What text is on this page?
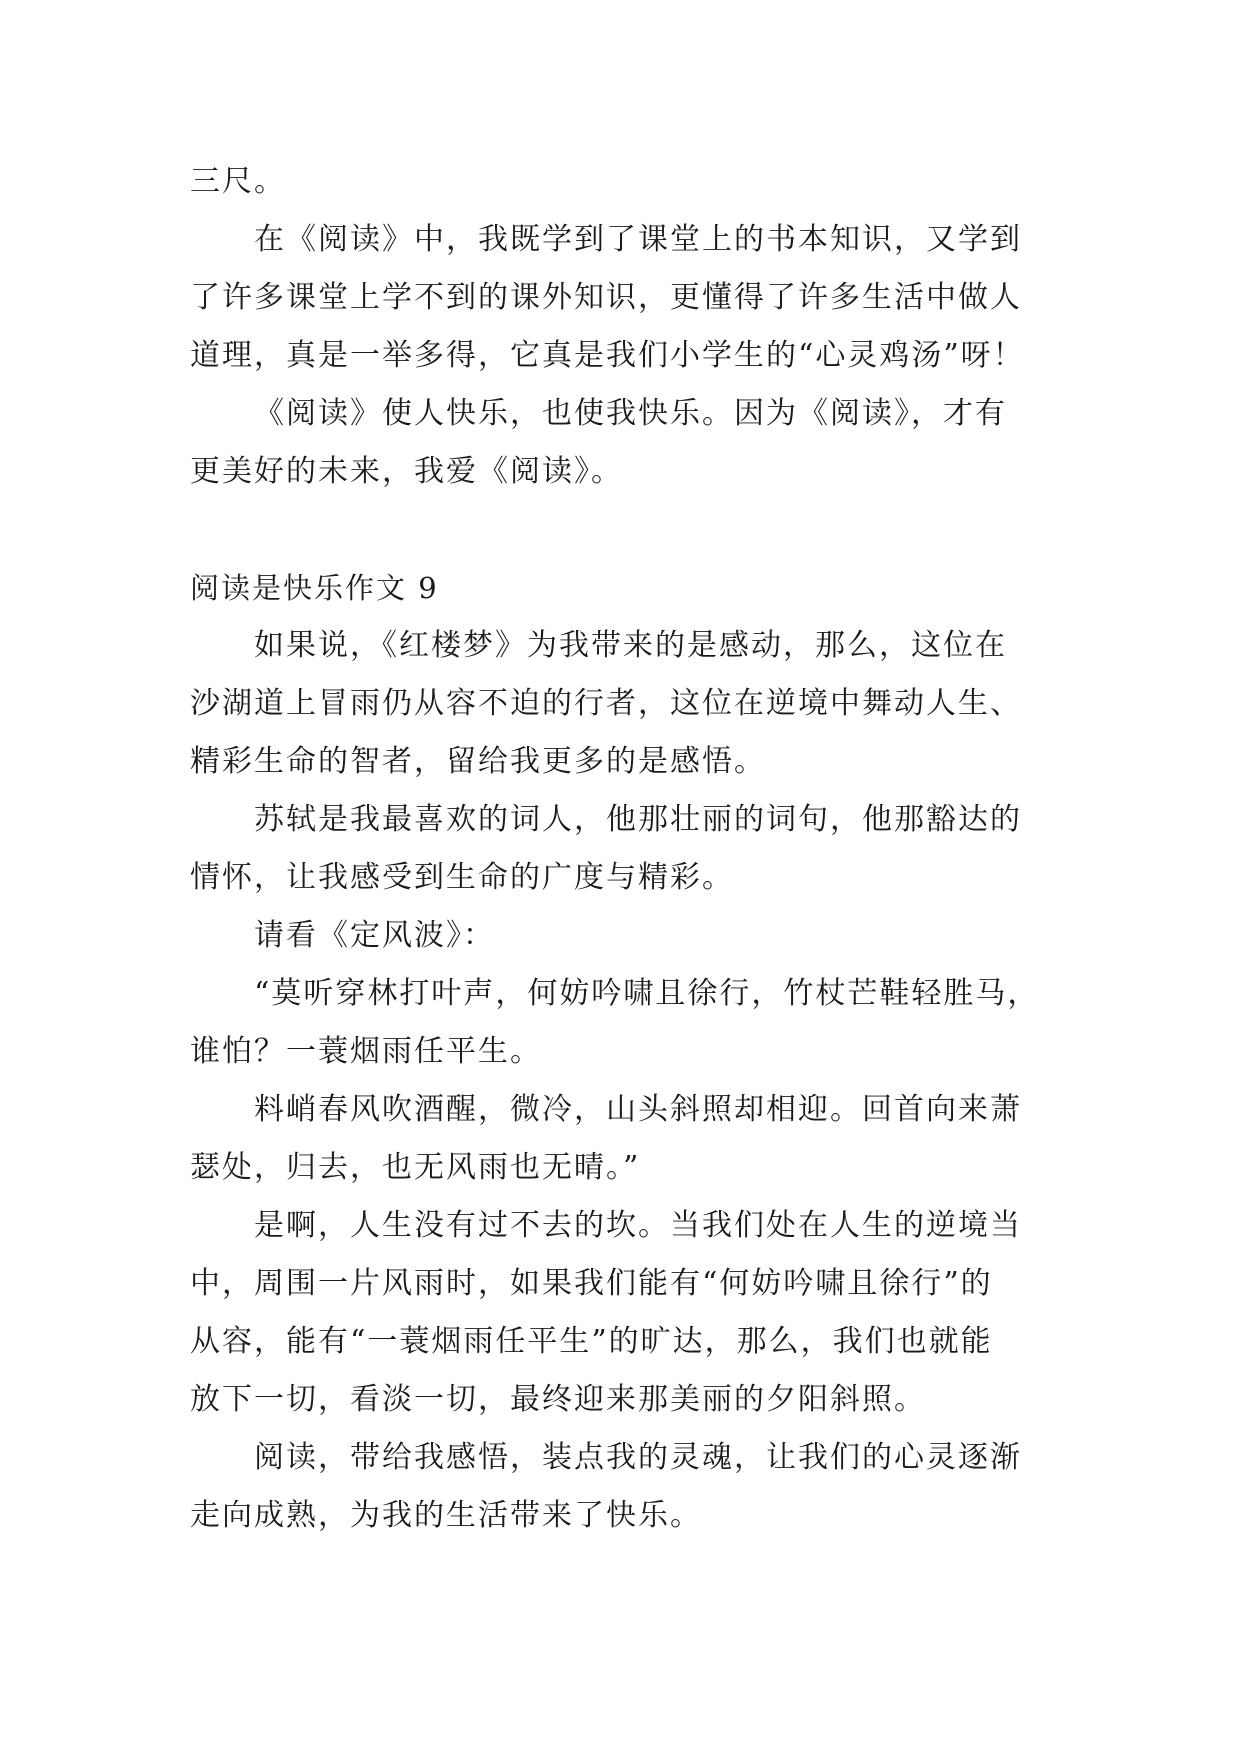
三尺。
在《阅读》中，我既学到了课堂上的书本知识，又学到
了许多课堂上学不到的课外知识，更懂得了许多生活中做人
道理，真是一举多得，它真是我们小学生的“心灵鸡汤”呀！
《阅读》使人快乐，也使我快乐。因为《阅读》，才有
更美好的未来，我爱《阅读》。
阅读是快乐作文 9
如果说，《红楼梦》为我带来的是感动，那么，这位在
沙湖道上冒雨仍从容不迫的行者，这位在逆境中舞动人生、
精彩生命的智者，留给我更多的是感悟。
苏轼是我最喜欢的词人，他那壮丽的词句，他那豁达的
情怀，让我感受到生命的广度与精彩。
请看《定风波》：
“莫听穿林打叶声，何妨吟啸且徐行，竹杖芒鞋轻胜马，
谁怕？一蓑烟雨任平生。
料峭春风吹酒醒，微冷，山头斜照却相迎。回首向来萧
瑟处，归去，也无风雨也无晴。”
是啊，人生没有过不去的坎。当我们处在人生的逆境当
中，周围一片风雨时，如果我们能有“何妨吟啸且徐行”的
从容，能有“一蓑烟雨任平生”的旷达，那么，我们也就能
放下一切，看淡一切，最终迎来那美丽的夕阳斜照。
阅读，带给我感悟，装点我的灵魂，让我们的心灵逐渐
走向成熟，为我的生活带来了快乐。
